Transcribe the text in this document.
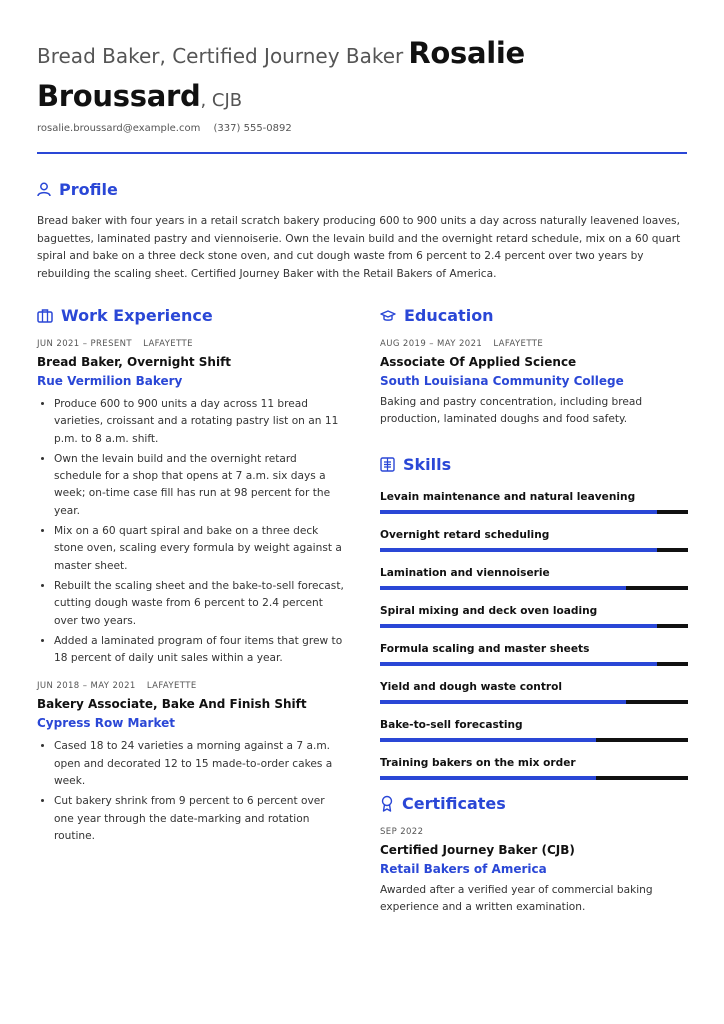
Bread Baker, Certified Journey Baker Rosalie Broussard, CJB

rosalie.broussard@example.com (337) 555-0892
Profile
Bread baker with four years in a retail scratch bakery producing 600 to 900 units a day across naturally leavened loaves, baguettes, laminated pastry and viennoiserie. Own the levain build and the overnight retard schedule, mix on a 60 quart spiral and bake on a three deck stone oven, and cut dough waste from 6 percent to 2.4 percent over two years by rebuilding the scaling sheet. Certified Journey Baker with the Retail Bakers of America.
Work Experience
JUN 2021 – PRESENT LAFAYETTE
Bread Baker, Overnight Shift
Rue Vermilion Bakery
• Produce 600 to 900 units a day across 11 bread varieties, croissant and a rotating pastry list on an 11 p.m. to 8 a.m. shift.
• Own the levain build and the overnight retard schedule for a shop that opens at 7 a.m. six days a week; on-time case fill has run at 98 percent for the year.
• Mix on a 60 quart spiral and bake on a three deck stone oven, scaling every formula by weight against a master sheet.
• Rebuilt the scaling sheet and the bake-to-sell forecast, cutting dough waste from 6 percent to 2.4 percent over two years.
• Added a laminated program of four items that grew to 18 percent of daily unit sales within a year.
JUN 2018 – MAY 2021 LAFAYETTE
Bakery Associate, Bake And Finish Shift
Cypress Row Market
• Cased 18 to 24 varieties a morning against a 7 a.m. open and decorated 12 to 15 made-to-order cakes a week.
• Cut bakery shrink from 9 percent to 6 percent over one year through the date-marking and rotation routine.
Education
AUG 2019 – MAY 2021 LAFAYETTE
Associate Of Applied Science
South Louisiana Community College
Baking and pastry concentration, including bread production, laminated doughs and food safety.
Skills
Levain maintenance and natural leavening
Overnight retard scheduling
Lamination and viennoiserie
Spiral mixing and deck oven loading
Formula scaling and master sheets
Yield and dough waste control
Bake-to-sell forecasting
Training bakers on the mix order
Certificates
SEP 2022
Certified Journey Baker (CJB)
Retail Bakers of America
Awarded after a verified year of commercial baking experience and a written examination.
